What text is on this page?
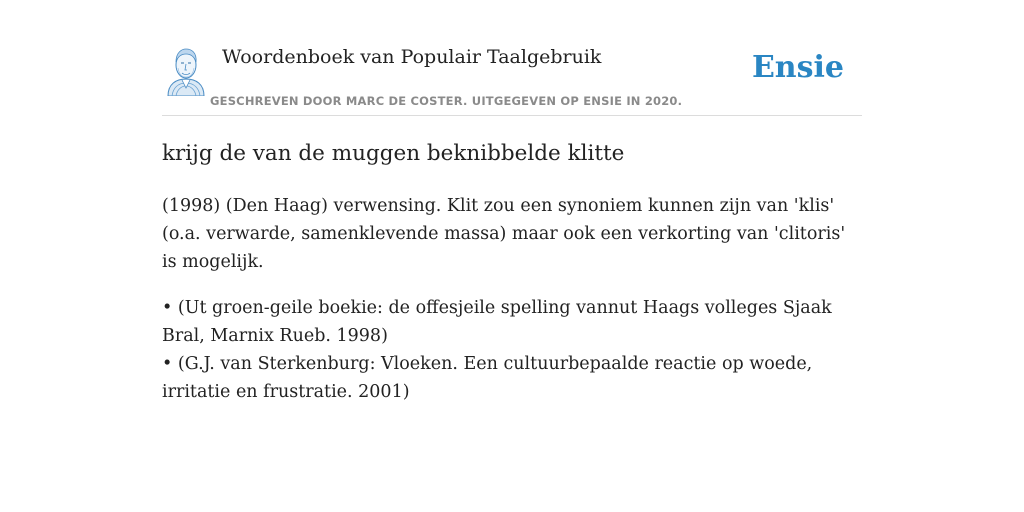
Woordenboek van Populair Taalgebruik
GESCHREVEN DOOR MARC DE COSTER. UITGEGEVEN OP ENSIE IN 2020.
Ensie
krijg de van de muggen beknibbelde klitte

(1998) (Den Haag) verwensing. Klit zou een synoniem kunnen zijn van 'klis' (o.a. verwarde, samenklevende massa) maar ook een verkorting van 'clitoris' is mogelijk.

• (Ut groen-geile boekie: de offesjeile spelling vannut Haags volleges Sjaak Bral, Marnix Rueb. 1998)
• (G.J. van Sterkenburg: Vloeken. Een cultuurbepaalde reactie op woede, irritatie en frustratie. 2001)
